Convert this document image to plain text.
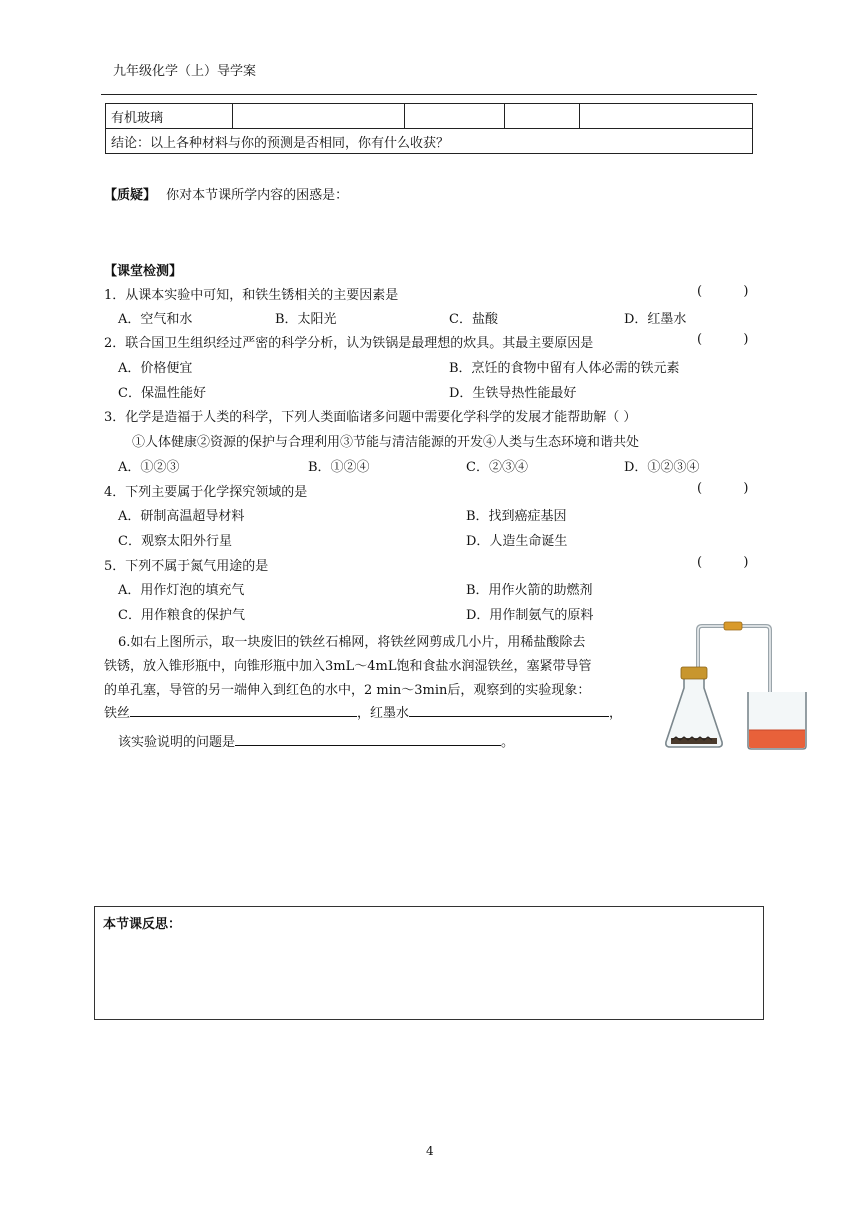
九年级化学（上）导学案
有机玻璃				
结论：以上各种材料与你的预测是否相同，你有什么收获？
【质疑】 你对本节课所学内容的困惑是：
【课堂检测】
1．从课本实验中可知，和铁生锈相关的主要因素是	(          )
A．空气和水	B．太阳光	C．盐酸	D．红墨水
2．联合国卫生组织经过严密的科学分析，认为铁锅是最理想的炊具。其最主要原因是	(          )
A．价格便宜	B．烹饪的食物中留有人体必需的铁元素
C．保温性能好	D．生铁导热性能最好
3．化学是造福于人类的科学，下列人类面临诸多问题中需要化学科学的发展才能帮助解（ ）
①人体健康②资源的保护与合理利用③节能与清洁能源的开发④人类与生态环境和谐共处
A．①②③	B．①②④	C．②③④	D．①②③④
4．下列主要属于化学探究领域的是	(          )
A．研制高温超导材料	B．找到癌症基因
C．观察太阳外行星	D．人造生命诞生
5．下列不属于氮气用途的是	(          )
A．用作灯泡的填充气	B．用作火箭的助燃剂
C．用作粮食的保护气	D．用作制氨气的原料
6.如右上图所示，取一块废旧的铁丝石棉网，将铁丝网剪成几小片，用稀盐酸除去
铁锈，放入锥形瓶中，向锥形瓶中加入3mL～4mL饱和食盐水润湿铁丝，塞紧带导管
的单孔塞，导管的另一端伸入到红色的水中，2 min～3min后，观察到的实验现象：
铁丝	，红墨水	，
该实验说明的问题是	。
本节课反思：
4
